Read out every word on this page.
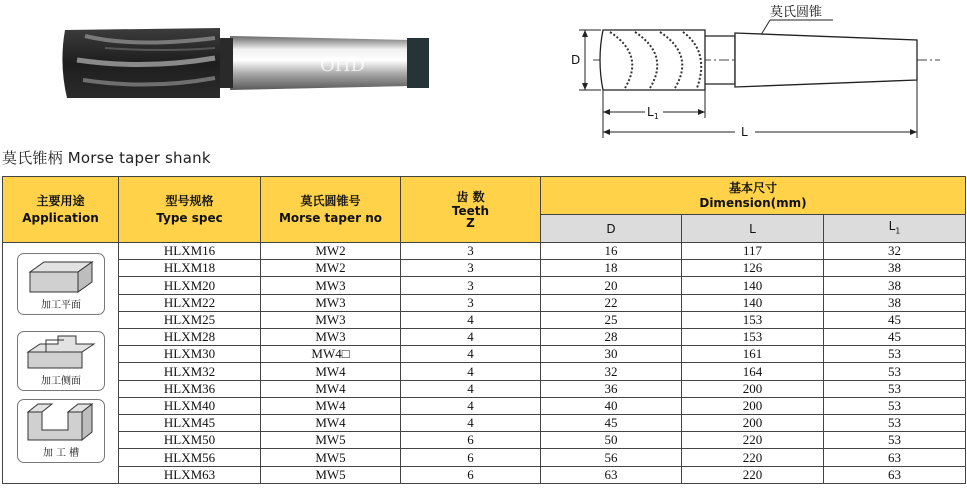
OHD
莫氏圆锥
D
$L_1$
L
莫氏锥柄 Morse taper shank
主要用途
Application	型号规格
Type spec	莫氏圆锥号
Morse taper no	齿 数
Teeth
Z	基本尺寸
Dimension(mm)		

				D	L	$L_1$

加工平面
加工侧面
加 工 槽	HLXM16	MW2	3	16	117	32
	HLXM18	MW2	3	18	126	38
	HLXM20	MW3	3	20	140	38
	HLXM22	MW3	3	22	140	38
	HLXM25	MW3	4	25	153	45
	HLXM28	MW3	4	28	153	45
	HLXM30	MW4□	4	30	161	53
	HLXM32	MW4	4	32	164	53
	HLXM36	MW4	4	36	200	53
	HLXM40	MW4	4	40	200	53
	HLXM45	MW4	4	45	200	53
	HLXM50	MW5	6	50	220	53
	HLXM56	MW5	6	56	220	63
	HLXM63	MW5	6	63	220	63
